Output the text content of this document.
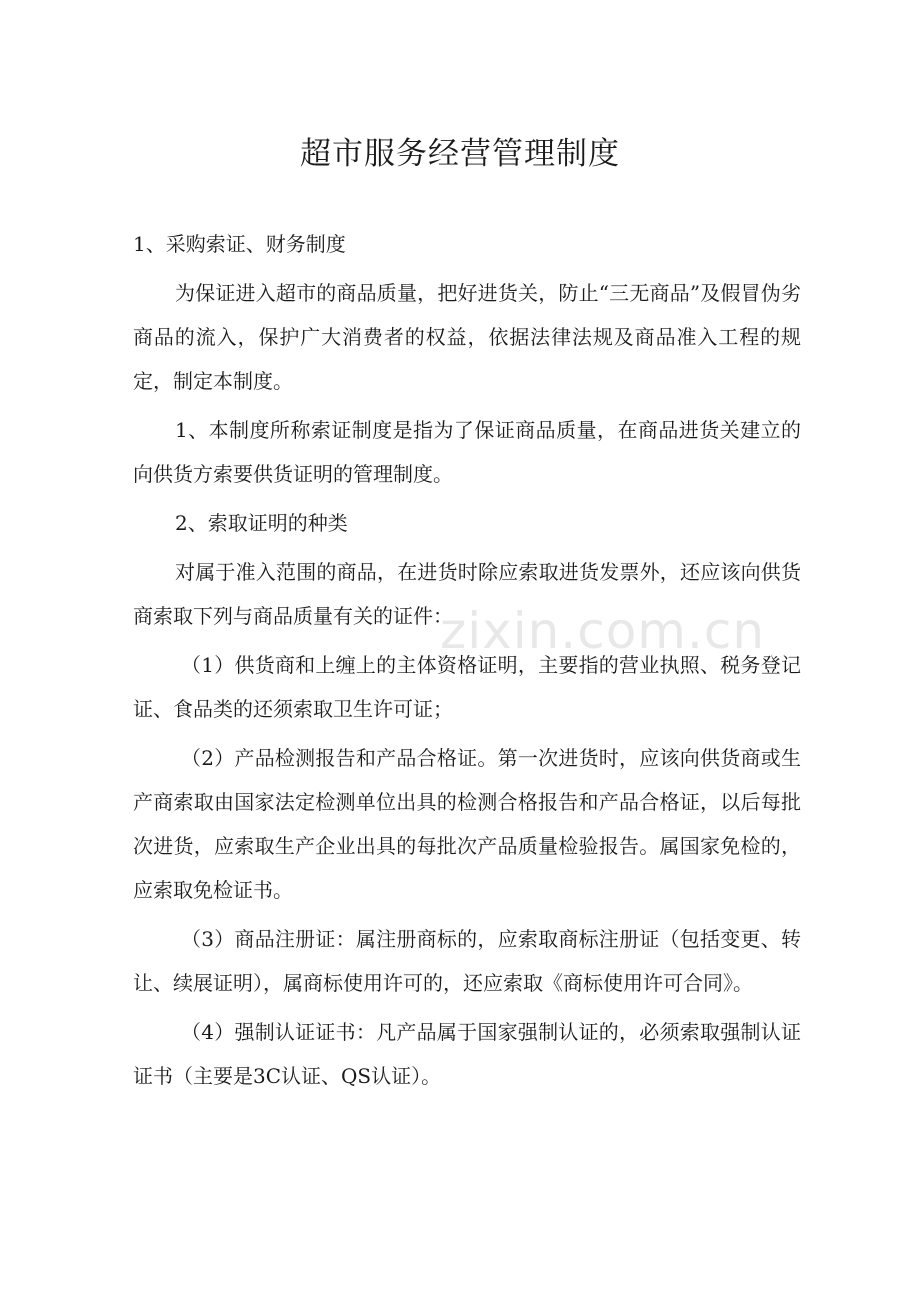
超市服务经营管理制度

1、采购索证、财务制度

为保证进入超市的商品质量，把好进货关，防止“三无商品”及假冒伪劣商品的流入，保护广大消费者的权益，依据法律法规及商品准入工程的规定，制定本制度。

1、本制度所称索证制度是指为了保证商品质量，在商品进货关建立的向供货方索要供货证明的管理制度。

2、索取证明的种类

对属于准入范围的商品，在进货时除应索取进货发票外，还应该向供货商索取下列与商品质量有关的证件：

（1）供货商和上缠上的主体资格证明，主要指的营业执照、税务登记证、食品类的还须索取卫生许可证；

（2）产品检测报告和产品合格证。第一次进货时，应该向供货商或生产商索取由国家法定检测单位出具的检测合格报告和产品合格证，以后每批次进货，应索取生产企业出具的每批次产品质量检验报告。属国家免检的，应索取免检证书。

（3）商品注册证：属注册商标的，应索取商标注册证（包括变更、转让、续展证明），属商标使用许可的，还应索取《商标使用许可合同》。

（4）强制认证证书：凡产品属于国家强制认证的，必须索取强制认证证书（主要是3C认证、QS认证）。

zixin.com.cn
